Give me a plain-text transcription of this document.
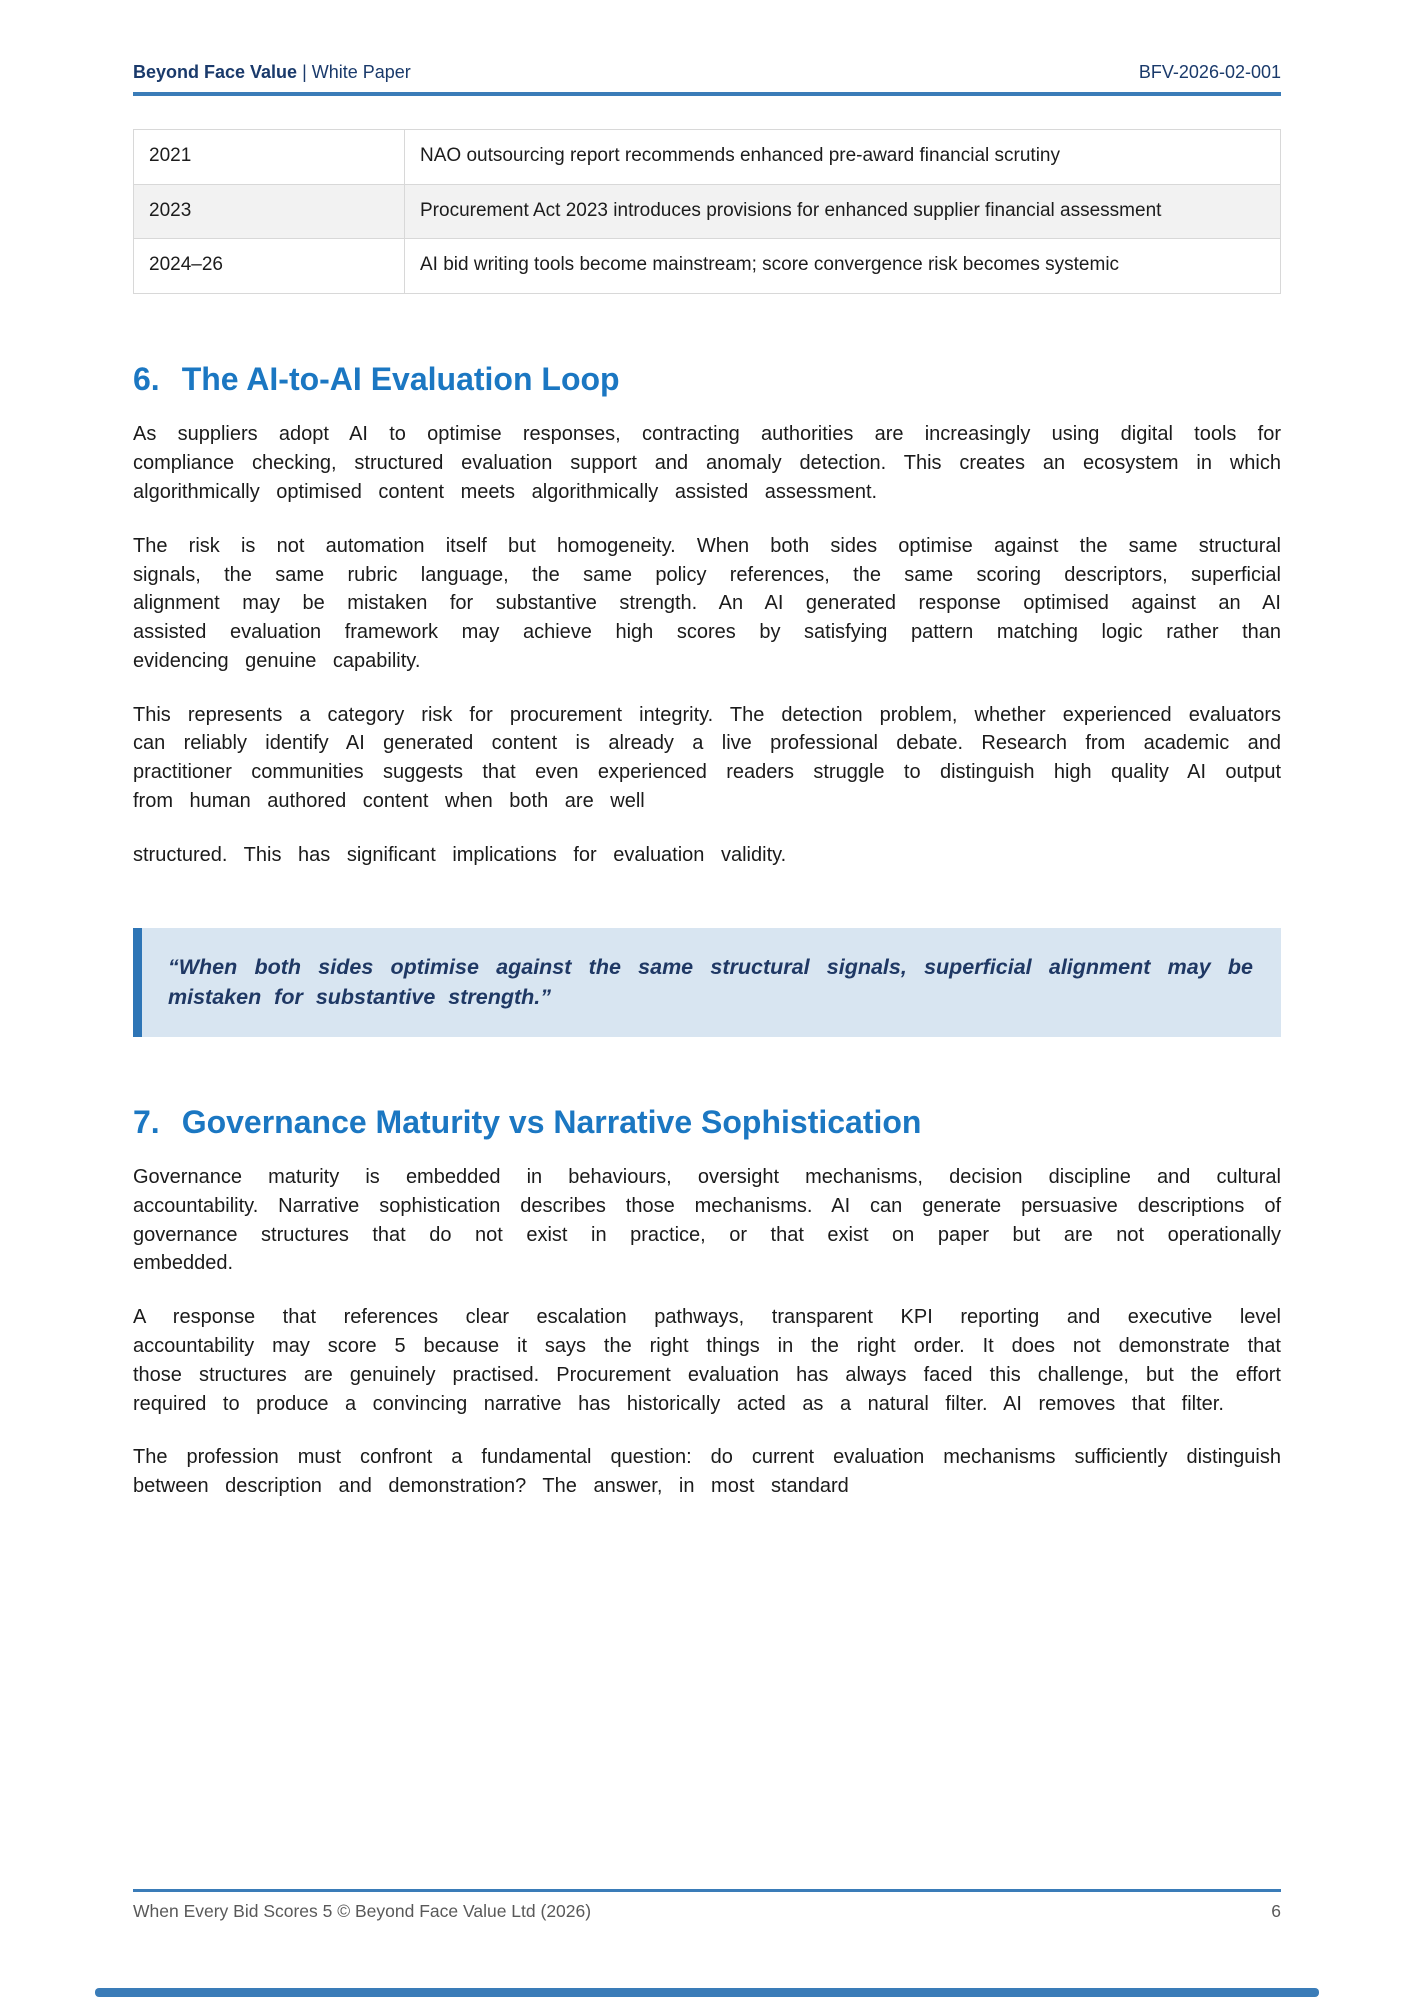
Beyond Face Value | White Paper	BFV-2026-02-001
2021	NAO outsourcing report recommends enhanced pre-award financial scrutiny
2023	Procurement Act 2023 introduces provisions for enhanced supplier financial assessment
2024–26	AI bid writing tools become mainstream; score convergence risk becomes systemic
6. The AI-to-AI Evaluation Loop

As suppliers adopt AI to optimise responses, contracting authorities are increasingly using digital tools for compliance checking, structured evaluation support and anomaly detection. This creates an ecosystem in which algorithmically optimised content meets algorithmically assisted assessment.

The risk is not automation itself but homogeneity. When both sides optimise against the same structural signals, the same rubric language, the same policy references, the same scoring descriptors, superficial alignment may be mistaken for substantive strength. An AI generated response optimised against an AI assisted evaluation framework may achieve high scores by satisfying pattern matching logic rather than evidencing genuine capability.

This represents a category risk for procurement integrity. The detection problem, whether experienced evaluators can reliably identify AI generated content is already a live professional debate. Research from academic and practitioner communities suggests that even experienced readers struggle to distinguish high quality AI output from human authored content when both are well

structured. This has significant implications for evaluation validity.

“When both sides optimise against the same structural signals, superficial alignment may be mistaken for substantive strength.”
7. Governance Maturity vs Narrative Sophistication

Governance maturity is embedded in behaviours, oversight mechanisms, decision discipline and cultural accountability. Narrative sophistication describes those mechanisms. AI can generate persuasive descriptions of governance structures that do not exist in practice, or that exist on paper but are not operationally embedded.

A response that references clear escalation pathways, transparent KPI reporting and executive level accountability may score 5 because it says the right things in the right order. It does not demonstrate that those structures are genuinely practised. Procurement evaluation has always faced this challenge, but the effort required to produce a convincing narrative has historically acted as a natural filter. AI removes that filter.

The profession must confront a fundamental question: do current evaluation mechanisms sufficiently distinguish between description and demonstration? The answer, in most standard

When Every Bid Scores 5 © Beyond Face Value Ltd (2026)	6
